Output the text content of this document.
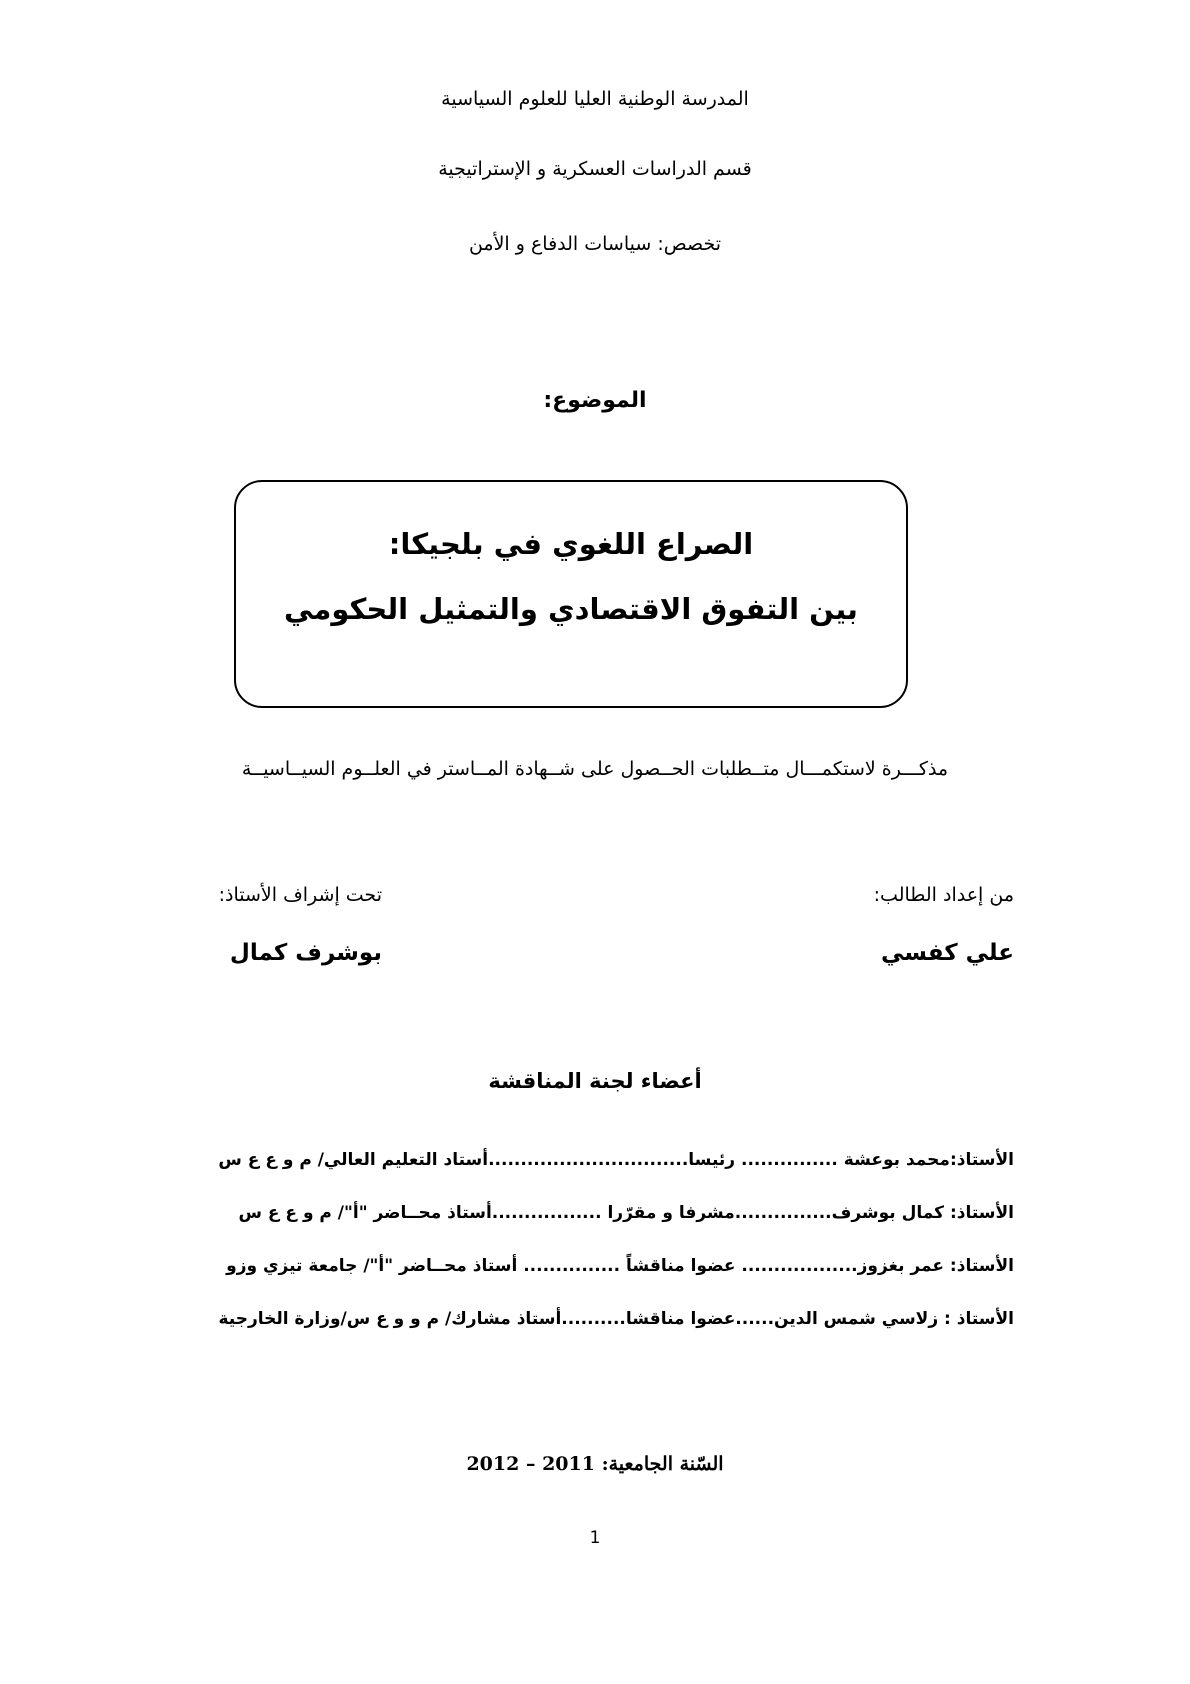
المدرسة الوطنية العليا للعلوم السياسية
قسم الدراسات العسكرية و الإستراتيجية
تخصص: سياسات الدفاع و الأمن
الموضوع:
الصراع اللغوي في بلجيكا:
بين التفوق الاقتصادي والتمثيل الحكومي
مذكـــرة لاستكمـــال متــطلبات الحــصول على شــهادة المــاستر في العلــوم السيــاسيــة
من إعداد الطالب:
علي كفسي
تحت إشراف الأستاذ:
بوشرف كمال
أعضاء لجنة المناقشة
الأستاذ:محمد بوعشة ............... رئيسا...............................أستاد التعليم العالي/ م و ع ع س
الأستاذ: كمال بوشرف...............مشرفا و مقرّرا .................أستاذ محــاضر "أ"/ م و ع ع س
الأستاذ: عمر بغزوز.................. عضوا مناقشاً ............... أستاذ محــاضر "أ"/ جامعة تيزي وزو
الأستاذ : زلاسي شمس الدين......عضوا مناقشا..........أستاذ مشارك/ م و و ع س/وزارة الخارجية
السّنة الجامعية: 2011 – 2012
1
